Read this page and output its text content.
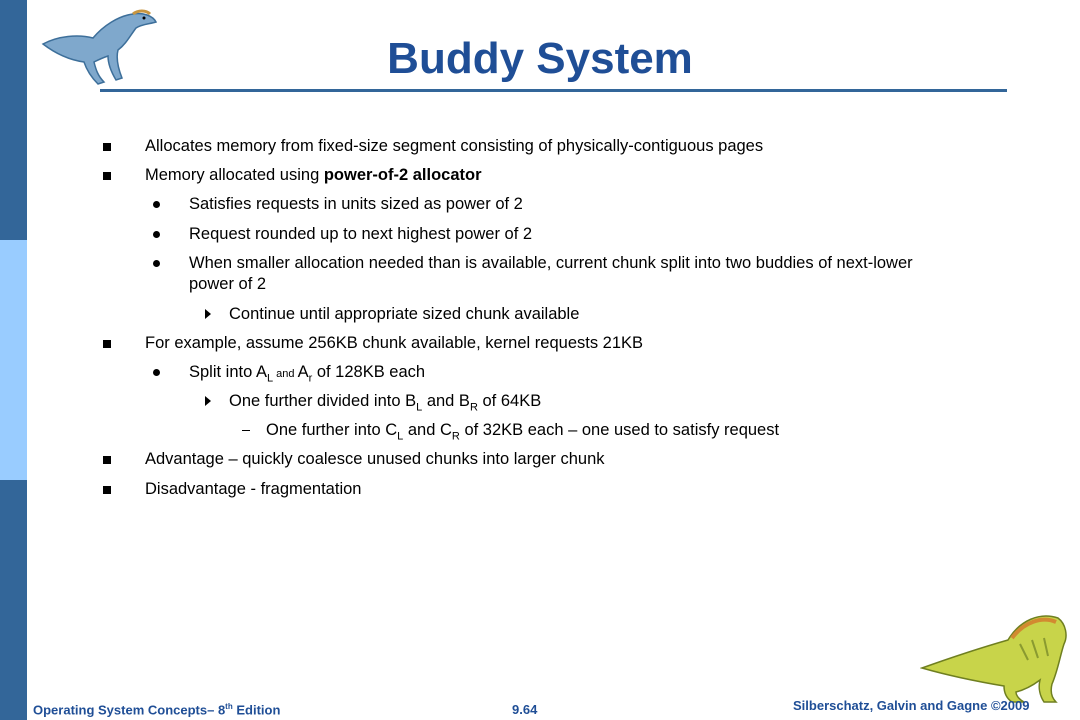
Buddy System
Allocates memory from fixed-size segment consisting of physically-contiguous pages
Memory allocated using power-of-2 allocator
Satisfies requests in units sized as power of 2
Request rounded up to next highest power of 2
When smaller allocation needed than is available, current chunk split into two buddies of next-lower
power of 2
Continue until appropriate sized chunk available
For example, assume 256KB chunk available, kernel requests 21KB
Split into $A_L$ and $A_r$ of 128KB each
One further divided into $B_L$ and $B_R$ of 64KB
One further into $C_L$ and $C_R$ of 32KB each – one used to satisfy request
Advantage – quickly coalesce unused chunks into larger chunk
Disadvantage - fragmentation
Operating System Concepts– 8th Edition	9.64	Silberschatz, Galvin and Gagne ©2009
